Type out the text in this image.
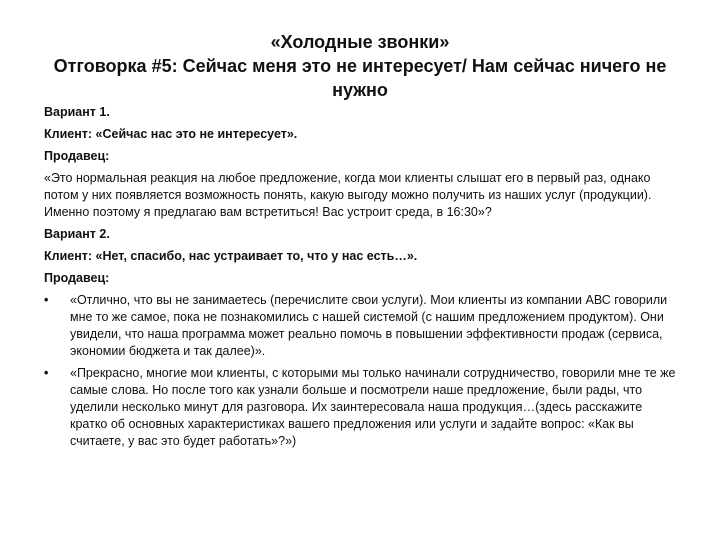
«Холодные звонки»
Отговорка #5: Сейчас меня это не интересует/ Нам сейчас ничего не нужно

Вариант 1.

Клиент: «Сейчас нас это не интересует».

Продавец:

«Это нормальная реакция на любое предложение, когда мои клиенты слышат его в первый раз, однако потом у них появляется возможность понять, какую выгоду можно получить из наших услуг (продукции). Именно поэтому я предлагаю вам встретиться! Вас устроит среда, в 16:30»?

Вариант 2.

Клиент: «Нет, спасибо, нас устраивает то, что у нас есть…».

Продавец:

• «Отлично, что вы не занимаетесь (перечислите свои услуги). Мои клиенты из компании АВС говорили мне то же самое, пока не познакомились с нашей системой (с нашим предложением продуктом). Они увидели, что наша программа может реально помочь в повышении эффективности продаж (сервиса, экономии бюджета и так далее)».
• «Прекрасно, многие мои клиенты, с которыми мы только начинали сотрудничество, говорили мне те же самые слова. Но после того как узнали больше и посмотрели наше предложение, были рады, что уделили несколько минут для разговора. Их заинтересовала наша продукция…(здесь расскажите кратко об основных характеристиках вашего предложения или услуги и задайте вопрос: «Как вы считаете, у вас это будет работать»?»)
